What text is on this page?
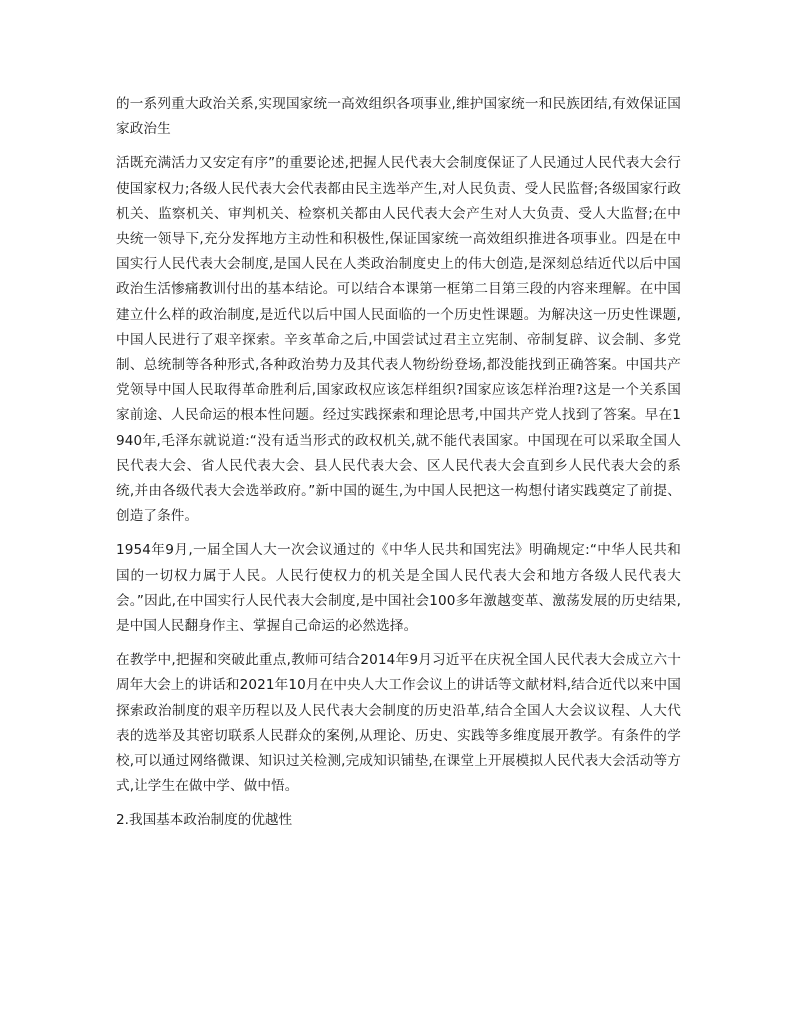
的一系列重大政治关系,实现国家统一高效组织各项事业,维护国家统一和民族团结,有效保证国家政治生

活既充满活力又安定有序”的重要论述,把握人民代表大会制度保证了人民通过人民代表大会行使国家权力;各级人民代表大会代表都由民主选举产生,对人民负责、受人民监督;各级国家行政机关、监察机关、审判机关、检察机关都由人民代表大会产生对人大负责、受人大监督;在中央统一领导下,充分发挥地方主动性和积极性,保证国家统一高效组织推进各项事业。四是在中国实行人民代表大会制度,是国人民在人类政治制度史上的伟大创造,是深刻总结近代以后中国政治生活惨痛教训付出的基本结论。可以结合本课第一框第二目第三段的内容来理解。在中国建立什么样的政治制度,是近代以后中国人民面临的一个历史性课题。为解决这一历史性课题,中国人民进行了艰辛探索。辛亥革命之后,中国尝试过君主立宪制、帝制复辟、议会制、多党制、总统制等各种形式,各种政治势力及其代表人物纷纷登场,都没能找到正确答案。中国共产党领导中国人民取得革命胜利后,国家政权应该怎样组织?国家应该怎样治理?这是一个关系国家前途、人民命运的根本性问题。经过实践探索和理论思考,中国共产党人找到了答案。早在1940年,毛泽东就说道:“没有适当形式的政权机关,就不能代表国家。中国现在可以采取全国人民代表大会、省人民代表大会、县人民代表大会、区人民代表大会直到乡人民代表大会的系统,并由各级代表大会选举政府。”新中国的诞生,为中国人民把这一构想付诸实践奠定了前提、创造了条件。

1954年9月,一届全国人大一次会议通过的《中华人民共和国宪法》明确规定:“中华人民共和国的一切权力属于人民。人民行使权力的机关是全国人民代表大会和地方各级人民代表大会。”因此,在中国实行人民代表大会制度,是中国社会100多年激越变革、激荡发展的历史结果,是中国人民翻身作主、掌握自己命运的必然选择。

在教学中,把握和突破此重点,教师可结合2014年9月习近平在庆祝全国人民代表大会成立六十周年大会上的讲话和2021年10月在中央人大工作会议上的讲话等文献材料,结合近代以来中国探索政治制度的艰辛历程以及人民代表大会制度的历史沿革,结合全国人大会议议程、人大代表的选举及其密切联系人民群众的案例,从理论、历史、实践等多维度展开教学。有条件的学校,可以通过网络微课、知识过关检测,完成知识铺垫,在课堂上开展模拟人民代表大会活动等方式,让学生在做中学、做中悟。

2.我国基本政治制度的优越性
